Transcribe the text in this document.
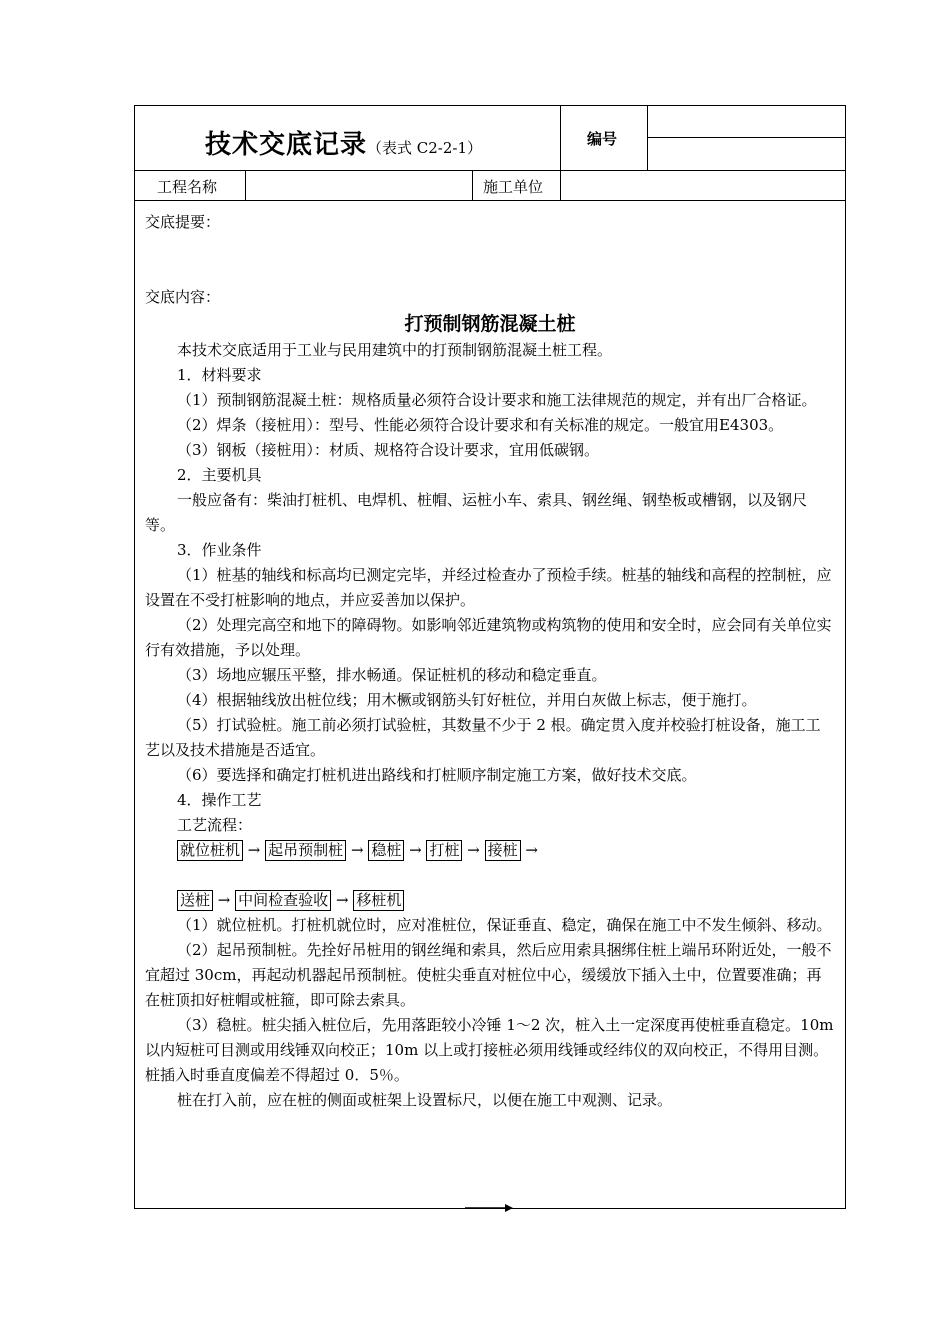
技术交底记录（表式 C2-2-1）	编号
工程名称	施工单位

交底提要：

交底内容：

打预制钢筋混凝土桩

本技术交底适用于工业与民用建筑中的打预制钢筋混凝土桩工程。

1．材料要求

（1）预制钢筋混凝土桩：规格质量必须符合设计要求和施工法律规范的规定，并有出厂合格证。

（2）焊条（接桩用）：型号、性能必须符合设计要求和有关标准的规定。一般宜用E4303。

（3）钢板（接桩用）：材质、规格符合设计要求，宜用低碳钢。

2．主要机具

一般应备有：柴油打桩机、电焊机、桩帽、运桩小车、索具、钢丝绳、钢垫板或槽钢，以及钢尺等。

3．作业条件

（1）桩基的轴线和标高均已测定完毕，并经过检查办了预检手续。桩基的轴线和高程的控制桩，应设置在不受打桩影响的地点，并应妥善加以保护。

（2）处理完高空和地下的障碍物。如影响邻近建筑物或构筑物的使用和安全时，应会同有关单位实行有效措施，予以处理。

（3）场地应辗压平整，排水畅通。保证桩机的移动和稳定垂直。

（4）根据轴线放出桩位线；用木橛或钢筋头钉好桩位，并用白灰做上标志，便于施打。

（5）打试验桩。施工前必须打试验桩，其数量不少于 2 根。确定贯入度并校验打桩设备，施工工艺以及技术措施是否适宜。

（6）要选择和确定打桩机进出路线和打桩顺序制定施工方案，做好技术交底。

4．操作工艺

工艺流程：

就位桩机 → 起吊预制桩 → 稳桩 → 打桩 → 接桩 →

送桩 → 中间检查验收 → 移桩机

（1）就位桩机。打桩机就位时，应对准桩位，保证垂直、稳定，确保在施工中不发生倾斜、移动。

（2）起吊预制桩。先拴好吊桩用的钢丝绳和索具，然后应用索具捆绑住桩上端吊环附近处，一般不宜超过 30cm，再起动机器起吊预制桩。使桩尖垂直对桩位中心，缓缓放下插入土中，位置要准确；再在桩顶扣好桩帽或桩箍，即可除去索具。

（3）稳桩。桩尖插入桩位后，先用落距较小冷锤 1～2 次，桩入土一定深度再使桩垂直稳定。10m 以内短桩可目测或用线锤双向校正；10m 以上或打接桩必须用线锤或经纬仪的双向校正，不得用目测。桩插入时垂直度偏差不得超过 0．5％。

桩在打入前，应在桩的侧面或桩架上设置标尺，以便在施工中观测、记录。
